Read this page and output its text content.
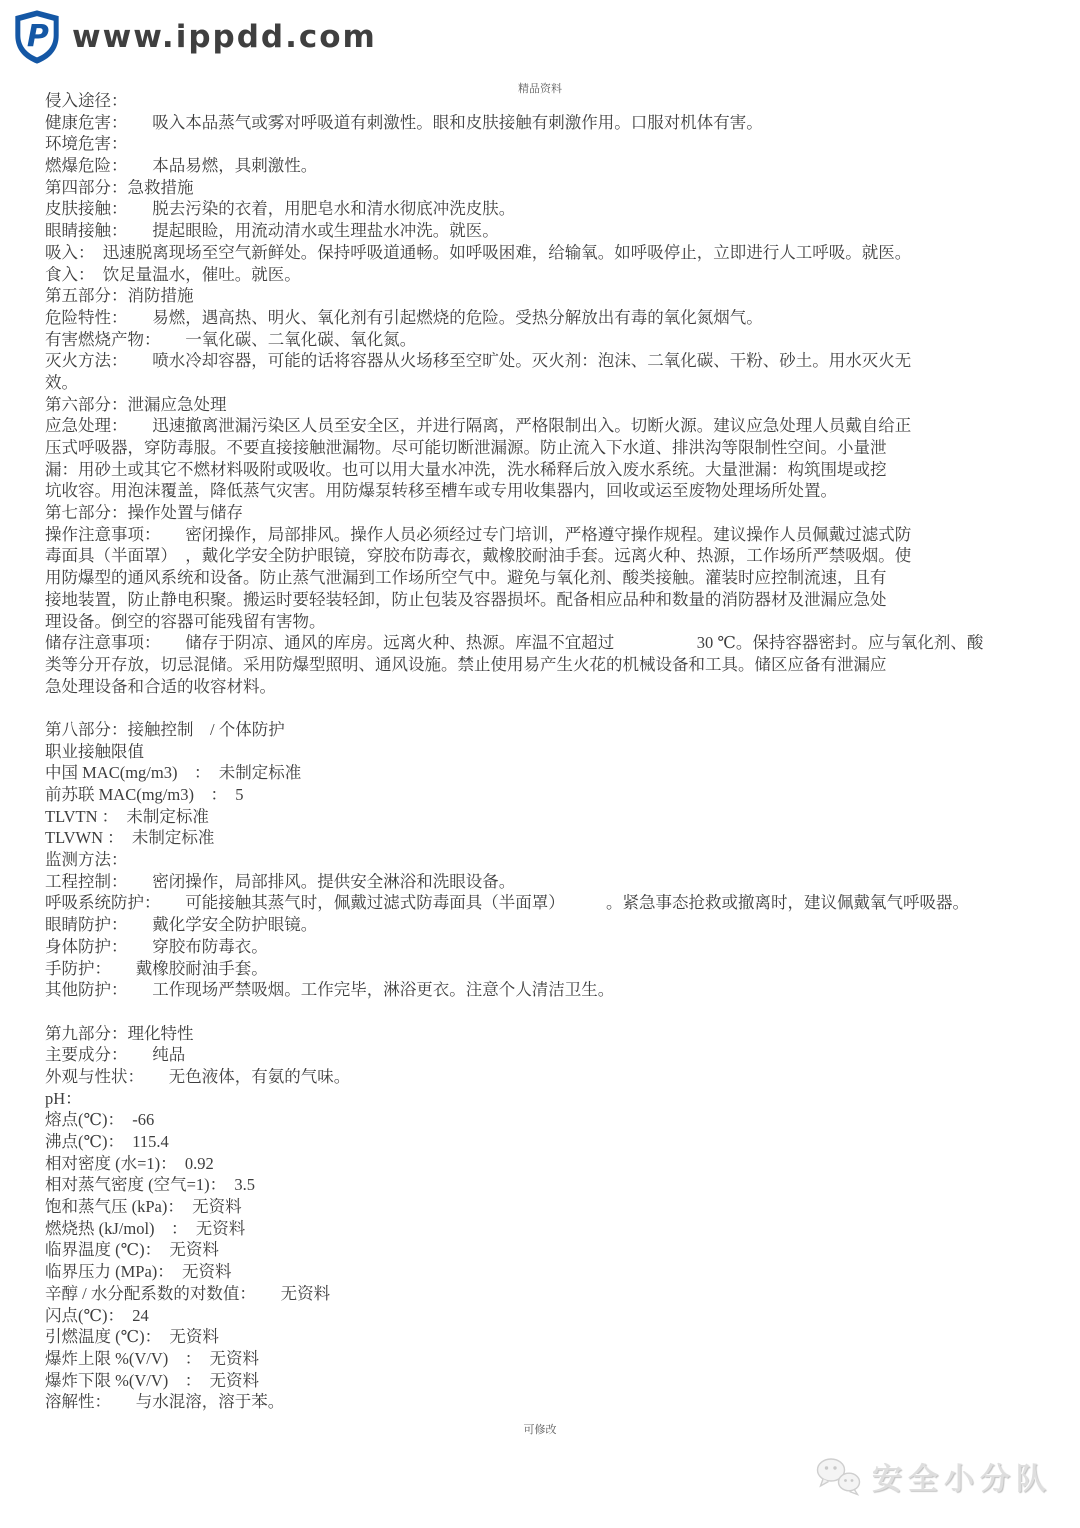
P www.ippdd.com
精品资料
侵入途径：
健康危害：　　吸入本品蒸气或雾对呼吸道有刺激性。眼和皮肤接触有刺激作用。口服对机体有害。
环境危害：
燃爆危险：　　本品易燃，具刺激性。
第四部分：急救措施
皮肤接触：　　脱去污染的衣着，用肥皂水和清水彻底冲洗皮肤。
眼睛接触：　　提起眼睑，用流动清水或生理盐水冲洗。就医。
吸入：　迅速脱离现场至空气新鲜处。保持呼吸道通畅。如呼吸困难，给输氧。如呼吸停止，立即进行人工呼吸。就医。
食入：　饮足量温水，催吐。就医。
第五部分：消防措施
危险特性：　　易燃，遇高热、明火、氧化剂有引起燃烧的危险。受热分解放出有毒的氧化氮烟气。
有害燃烧产物：　　一氧化碳、二氧化碳、氧化氮。
灭火方法：　　喷水冷却容器，可能的话将容器从火场移至空旷处。灭火剂：泡沫、二氧化碳、干粉、砂土。用水灭火无
效。
第六部分：泄漏应急处理
应急处理：　　迅速撤离泄漏污染区人员至安全区，并进行隔离，严格限制出入。切断火源。建议应急处理人员戴自给正
压式呼吸器，穿防毒服。不要直接接触泄漏物。尽可能切断泄漏源。防止流入下水道、排洪沟等限制性空间。小量泄
漏：用砂土或其它不燃材料吸附或吸收。也可以用大量水冲洗，洗水稀释后放入废水系统。大量泄漏：构筑围堤或挖
坑收容。用泡沫覆盖，降低蒸气灾害。用防爆泵转移至槽车或专用收集器内，回收或运至废物处理场所处置。
第七部分：操作处置与储存
操作注意事项：　　密闭操作，局部排风。操作人员必须经过专门培训，严格遵守操作规程。建议操作人员佩戴过滤式防
毒面具（半面罩）　，戴化学安全防护眼镜，穿胶布防毒衣，戴橡胶耐油手套。远离火种、热源，工作场所严禁吸烟。使
用防爆型的通风系统和设备。防止蒸气泄漏到工作场所空气中。避免与氧化剂、酸类接触。灌装时应控制流速，且有
接地装置，防止静电积聚。搬运时要轻装轻卸，防止包装及容器损坏。配备相应品种和数量的消防器材及泄漏应急处
理设备。倒空的容器可能残留有害物。
储存注意事项：　　储存于阴凉、通风的库房。远离火种、热源。库温不宜超过　　　　　30 ℃。保持容器密封。应与氧化剂、酸
类等分开存放，切忌混储。采用防爆型照明、通风设施。禁止使用易产生火花的机械设备和工具。储区应备有泄漏应
急处理设备和合适的收容材料。
第八部分：接触控制　/ 个体防护
职业接触限值
中国 MAC(mg/m3)　：　未制定标准
前苏联 MAC(mg/m3)　：　5
TLVTN ：　未制定标准
TLVWN ：　未制定标准
监测方法：
工程控制：　　密闭操作，局部排风。提供安全淋浴和洗眼设备。
呼吸系统防护：　　可能接触其蒸气时，佩戴过滤式防毒面具（半面罩）　　　。紧急事态抢救或撤离时，建议佩戴氧气呼吸器。
眼睛防护：　　戴化学安全防护眼镜。
身体防护：　　穿胶布防毒衣。
手防护：　　戴橡胶耐油手套。
其他防护：　　工作现场严禁吸烟。工作完毕，淋浴更衣。注意个人清洁卫生。
第九部分：理化特性
主要成分：　　纯品
外观与性状：　　无色液体，有氨的气味。
pH：
熔点(℃)：　-66
沸点(℃)：　115.4
相对密度 (水=1)：　0.92
相对蒸气密度 (空气=1)：　3.5
饱和蒸气压 (kPa)：　无资料
燃烧热 (kJ/mol)　：　无资料
临界温度 (℃)：　无资料
临界压力 (MPa)：　无资料
辛醇 / 水分配系数的对数值：　　无资料
闪点(℃)：　24
引燃温度 (℃)：　无资料
爆炸上限 %(V/V)　：　无资料
爆炸下限 %(V/V)　：　无资料
溶解性：　　与水混溶，溶于苯。
可修改
安全小分队
